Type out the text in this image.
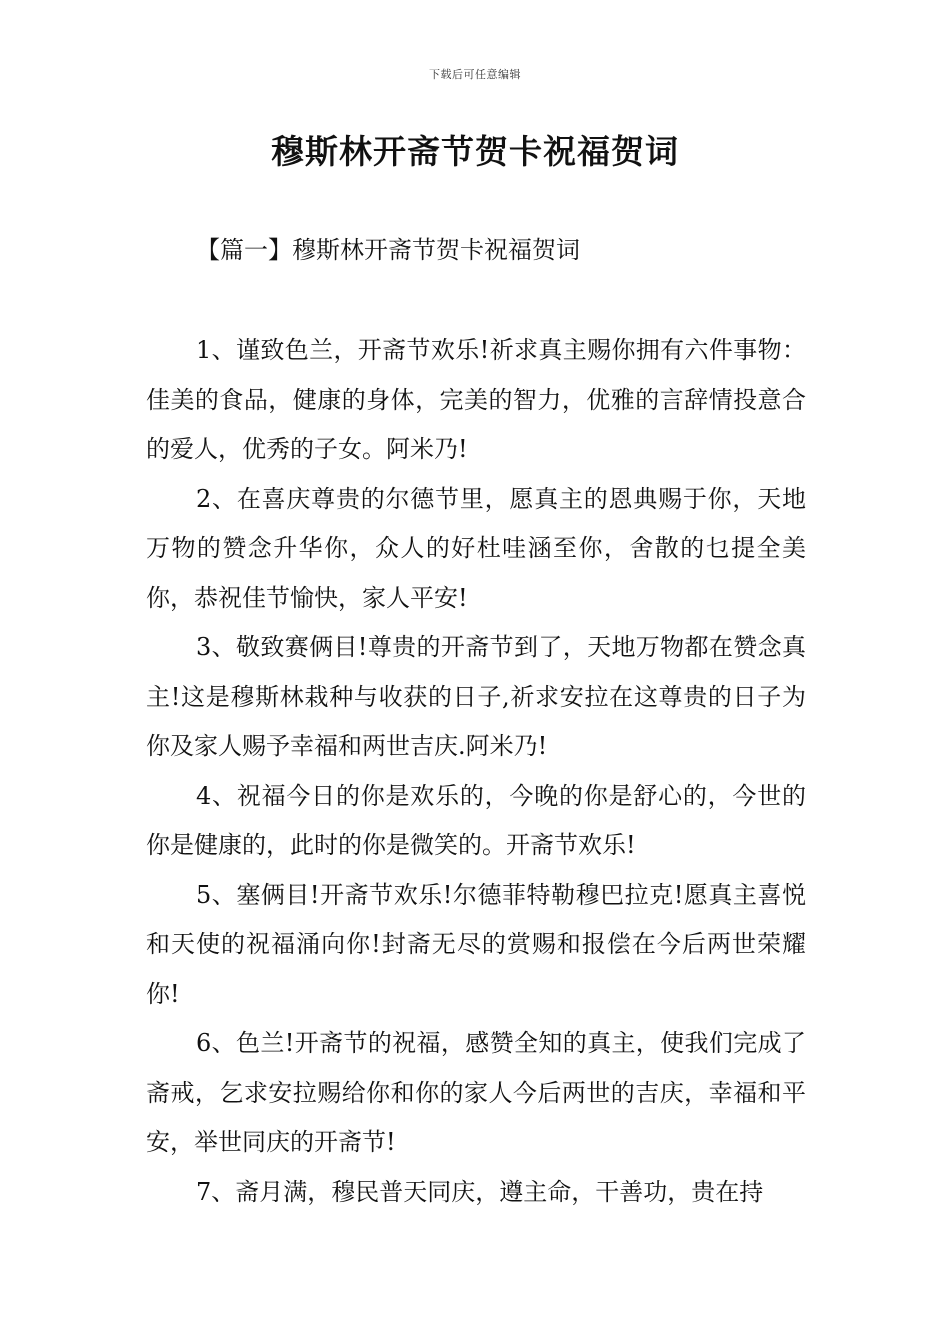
下载后可任意编辑
穆斯林开斋节贺卡祝福贺词
【篇一】穆斯林开斋节贺卡祝福贺词

1、谨致色兰，开斋节欢乐!祈求真主赐你拥有六件事物：佳美的食品，健康的身体，完美的智力，优雅的言辞情投意合的爱人，优秀的子女。阿米乃!

2、在喜庆尊贵的尔德节里，愿真主的恩典赐于你，天地万物的赞念升华你，众人的好杜哇涵至你，舍散的乜提全美你，恭祝佳节愉快，家人平安!

3、敬致赛俩目!尊贵的开斋节到了，天地万物都在赞念真主!这是穆斯林栽种与收获的日子,祈求安拉在这尊贵的日子为你及家人赐予幸福和两世吉庆.阿米乃!

4、祝福今日的你是欢乐的，今晚的你是舒心的，今世的你是健康的，此时的你是微笑的。开斋节欢乐!

5、塞俩目!开斋节欢乐!尔德菲特勒穆巴拉克!愿真主喜悦和天使的祝福涌向你!封斋无尽的赏赐和报偿在今后两世荣耀你!

6、色兰!开斋节的祝福，感赞全知的真主，使我们完成了斋戒，乞求安拉赐给你和你的家人今后两世的吉庆，幸福和平安，举世同庆的开斋节!

7、斋月满，穆民普天同庆，遵主命，干善功，贵在持
